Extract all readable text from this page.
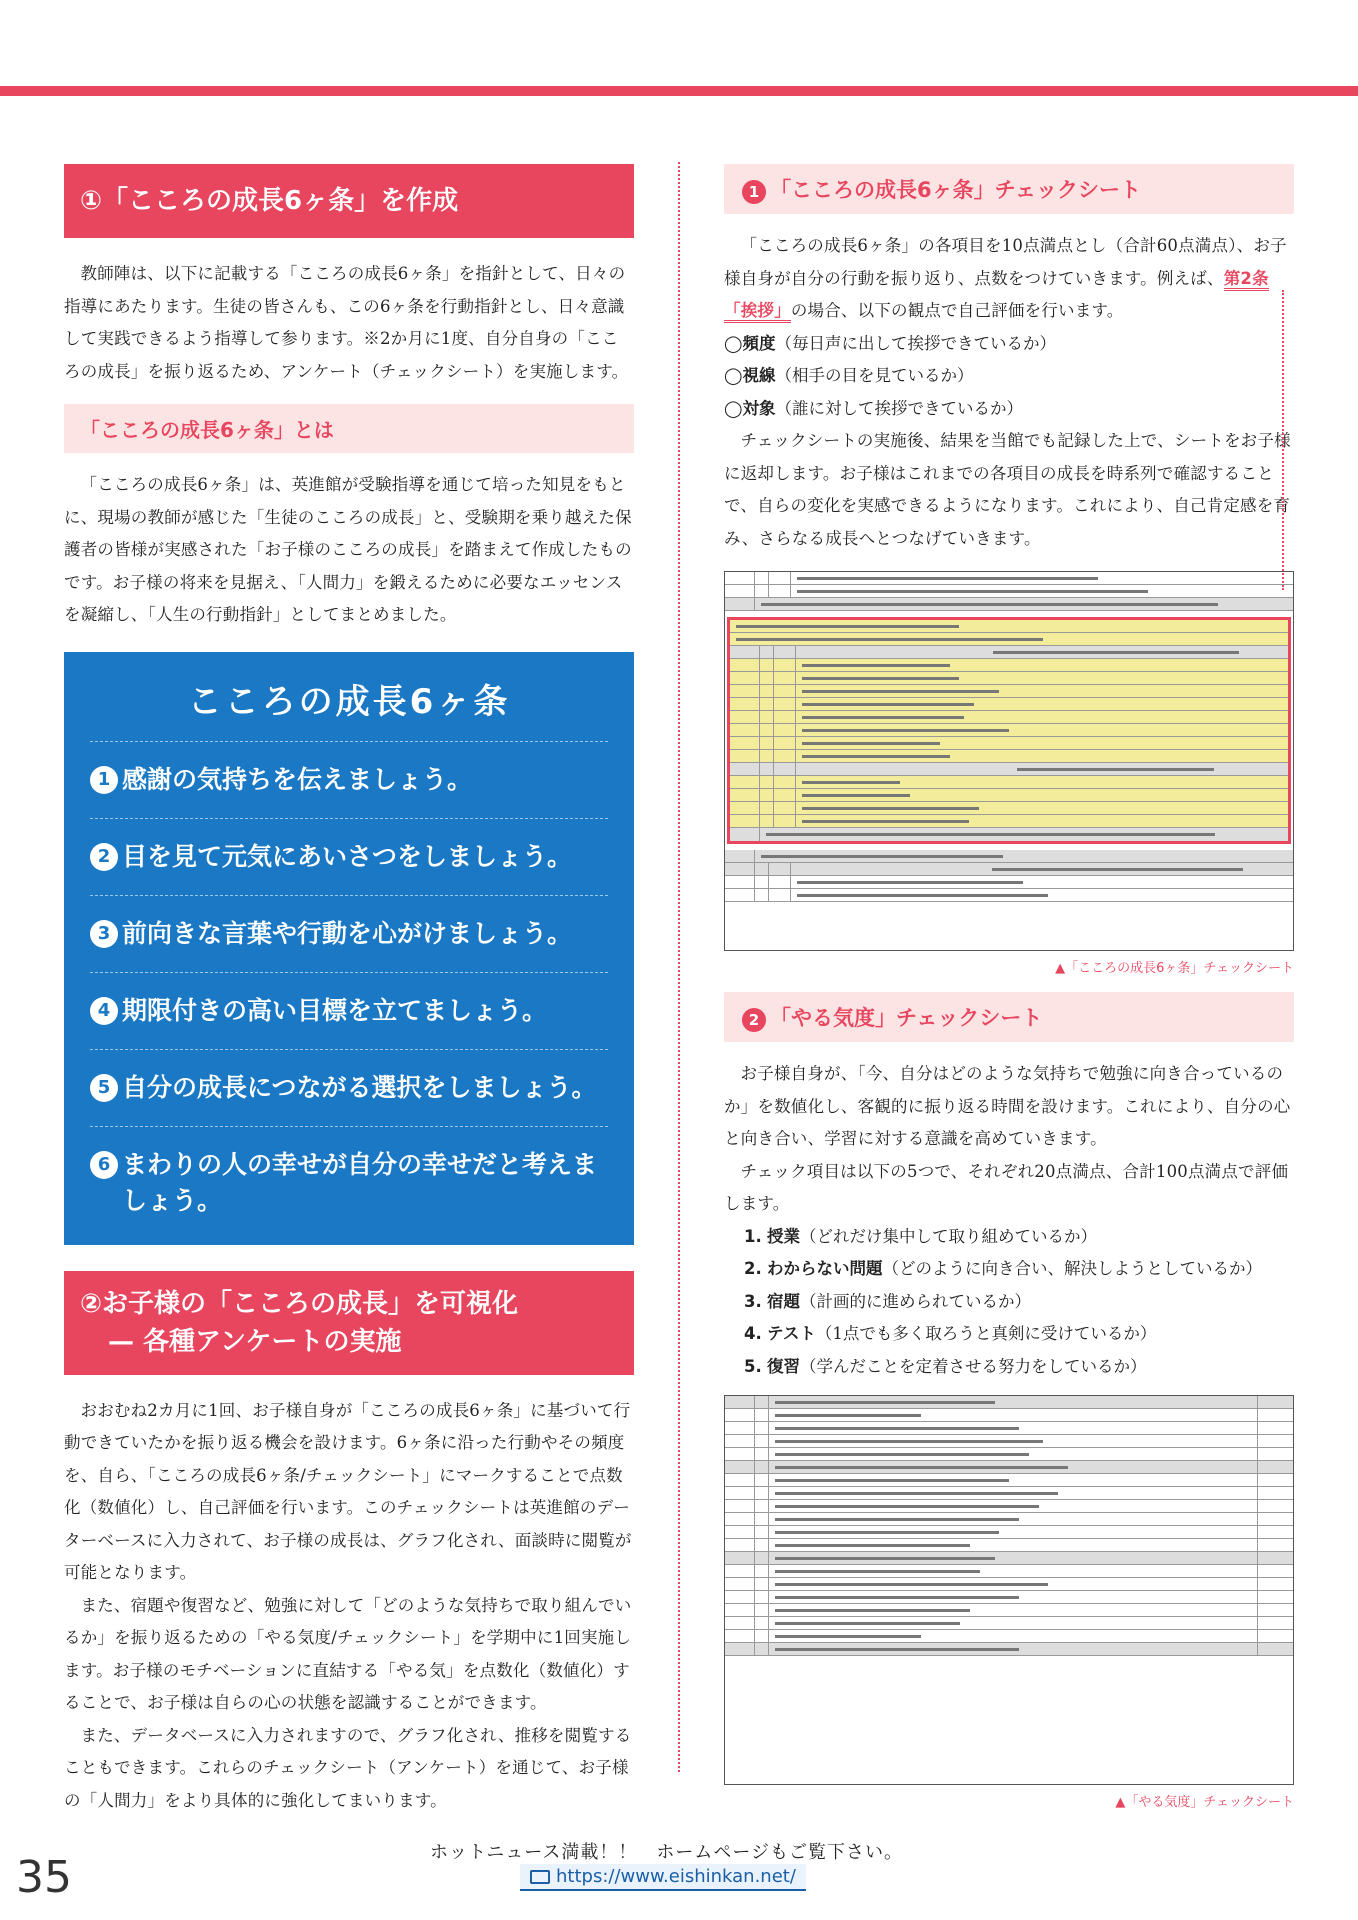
①「こころの成長6ヶ条」を作成

教師陣は、以下に記載する「こころの成長6ヶ条」を指針として、日々の指導にあたります。生徒の皆さんも、この6ヶ条を行動指針とし、日々意識して実践できるよう指導して参ります。※2か月に1度、自分自身の「こころの成長」を振り返るため、アンケート（チェックシート）を実施します。

「こころの成長6ヶ条」とは

「こころの成長6ヶ条」は、英進館が受験指導を通じて培った知見をもとに、現場の教師が感じた「生徒のこころの成長」と、受験期を乗り越えた保護者の皆様が実感された「お子様のこころの成長」を踏まえて作成したものです。お子様の将来を見据え、「人間力」を鍛えるために必要なエッセンスを凝縮し、「人生の行動指針」としてまとめました。

こころの成長6ヶ条
1 感謝の気持ちを伝えましょう。
2 目を見て元気にあいさつをしましょう。
3 前向きな言葉や行動を心がけましょう。
4 期限付きの高い目標を立てましょう。
5 自分の成長につながる選択をしましょう。
6 まわりの人の幸せが自分の幸せだと考えましょう。
②お子様の「こころの成長」を可視化
— 各種アンケートの実施

おおむね2カ月に1回、お子様自身が「こころの成長6ヶ条」に基づいて行動できていたかを振り返る機会を設けます。6ヶ条に沿った行動やその頻度を、自ら、「こころの成長6ヶ条/チェックシート」にマークすることで点数化（数値化）し、自己評価を行います。このチェックシートは英進館のデーターベースに入力されて、お子様の成長は、グラフ化され、面談時に閲覧が可能となります。

また、宿題や復習など、勉強に対して「どのような気持ちで取り組んでいるか」を振り返るための「やる気度/チェックシート」を学期中に1回実施します。お子様のモチベーションに直結する「やる気」を点数化（数値化）することで、お子様は自らの心の状態を認識することができます。

また、データベースに入力されますので、グラフ化され、推移を閲覧することもできます。これらのチェックシート（アンケート）を通じて、お子様の「人間力」をより具体的に強化してまいります。

1 「こころの成長6ヶ条」チェックシート

「こころの成長6ヶ条」の各項目を10点満点とし（合計60点満点）、お子様自身が自分の行動を振り返り、点数をつけていきます。例えば、第2条
「挨拶」の場合、以下の観点で自己評価を行います。

◯頻度（毎日声に出して挨拶できているか）
◯視線（相手の目を見ているか）
◯対象（誰に対して挨拶できているか）

チェックシートの実施後、結果を当館でも記録した上で、シートをお子様に返却します。お子様はこれまでの各項目の成長を時系列で確認することで、自らの変化を実感できるようになります。これにより、自己肯定感を育み、さらなる成長へとつなげていきます。

▲「こころの成長6ヶ条」チェックシート
2 「やる気度」チェックシート

お子様自身が、「今、自分はどのような気持ちで勉強に向き合っているのか」を数値化し、客観的に振り返る時間を設けます。これにより、自分の心と向き合い、学習に対する意識を高めていきます。

チェック項目は以下の5つで、それぞれ20点満点、合計100点満点で評価します。

1. 授業（どれだけ集中して取り組めているか）
2. わからない問題（どのように向き合い、解決しようとしているか）
3. 宿題（計画的に進められているか）
4. テスト（1点でも多く取ろうと真剣に受けているか）
5. 復習（学んだことを定着させる努力をしているか）
▲「やる気度」チェックシート
35	ホットニュース満載！！　ホームページもご覧下さい。
https://www.eishinkan.net/
